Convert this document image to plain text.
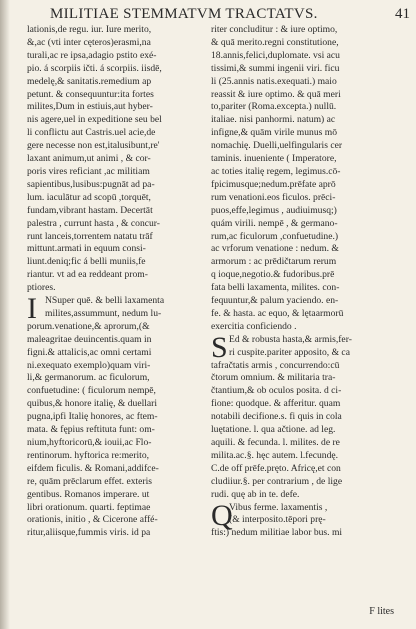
MILITIAE STEMMATVM TRACTATVS.	41
lationis,de regu. iur. Iure merito,
&,ac (vti inter cęteros)erasmi,na
turali,ac re ipsa,adagio pstito exé-
pio. á scorpiis ičti. á scorpiis. iisdē,
medelę,& sanitatis.remedium ap
petunt. & consequuntur:ita fortes
milites,Dum in estiuis,aut hyber-
nis agere,uel in expeditione seu bel
li conflictu aut Castris.uel acie,de
gere necesse non est,italusibunt,re'
laxant animum,ut animi , & cor-
poris vires reficiant ,ac militiam
sapientibus,lusibus:pugnāt ad pa-
lum. iaculātur ad scopū ,torquēt,
fundam,vibrant hastam. Decertāt
palestra , currunt hasta , & concur-
runt lanceis,torrentem natatu trāf
mittunt.armati in equum consi-
liunt.deniq;fic á belli muniis,fe
riantur. vt ad ea reddeant prom-
ptiores.
I NSuper quē. & belli laxamenta
milites,assummunt, nedum lu-
porum.venatione,& aprorum,(&
maleagritae deuincentis.quam in
figni.& attalicis,ac omni certami
ni.exequato exemplo)quam viri-
li,& germanorum. ac ficulorum,
confuetudine: ( ficulorum nempē,
quibus,& honore italię, & duellari
pugna,ipfi Italię honores, ac ftem-
mata. & fępius reftituta funt: om-
nium,hyftoricorū,& iouii,ac Flo-
rentinorum. hyftorica re:merito,
eifdem ficulis. & Romani,addifce-
re, quām prēclarum effet. exteris
gentibus. Romanos imperare. ut
libri orationum. quarti. feptimae
orationis, initio , & Cicerone affé-
ritur,aliisque,fummis viris. id pa
riter concluditur : & iure optimo,
& quā merito.regni constitutione,
18.annis,felici,duplomate. vsi acu
tissimi,& summi ingenii viri. ficu
li (25.annis natis.exequati.) maio
reassit & iure optimo. & quā meri
to,pariter (Roma.excepta.) nullū.
italiae. nisi panhormi. natum) ac
infigne,& quām virile munus mō
nomachię. Duelli,uelfingularis cer
taminis. inueniente ( Imperatore,
ac toties italię regem, legimus.cō-
fpicimusque;nedum.prēfate aprō
rum venationi.eos ficulos. prēci-
puos,effe,legimus , audiuimusq;)
quám virili. nempē , & germano-
rum,ac ficulorum ,confuetudine.)
ac vrforum venatione : nedum. &
armorum : ac prēdičtarum rerum
q ioque,negotio.& fudoribus.prē
fata belli laxamenta, milites. con-
fequuntur,& palum yaciendo. en-
fe. & hasta. ac equo, & lętaarmorū
exercitia conficiendo .
S Ed & robusta hasta,& armis,fer-
ri cuspite.pariter apposito, & ca
tafračtatis armis , concurrendo:cū
čtorum omnium. & militaria tra-
čtantium,& ob oculos posita. d ci-
fione: quodque. & afferitur. quam
notabili decifione.s. fi quis in cola
luętatione. l. qua ačtione. ad leg.
aquili. & fecunda. l. milites. de re
milita.ac.§. hęc autem. l.fecundę.
C.de off prēfe.pręto. Africę,et con
cludiiur.§. per contrarium , de lige
rudi. quę ab in te. defe.
Q
Vibus ferme. laxamentis ,
(& interposito.tēpori prę-
ftis:) nedum militiae labor bus. mi
F lites
